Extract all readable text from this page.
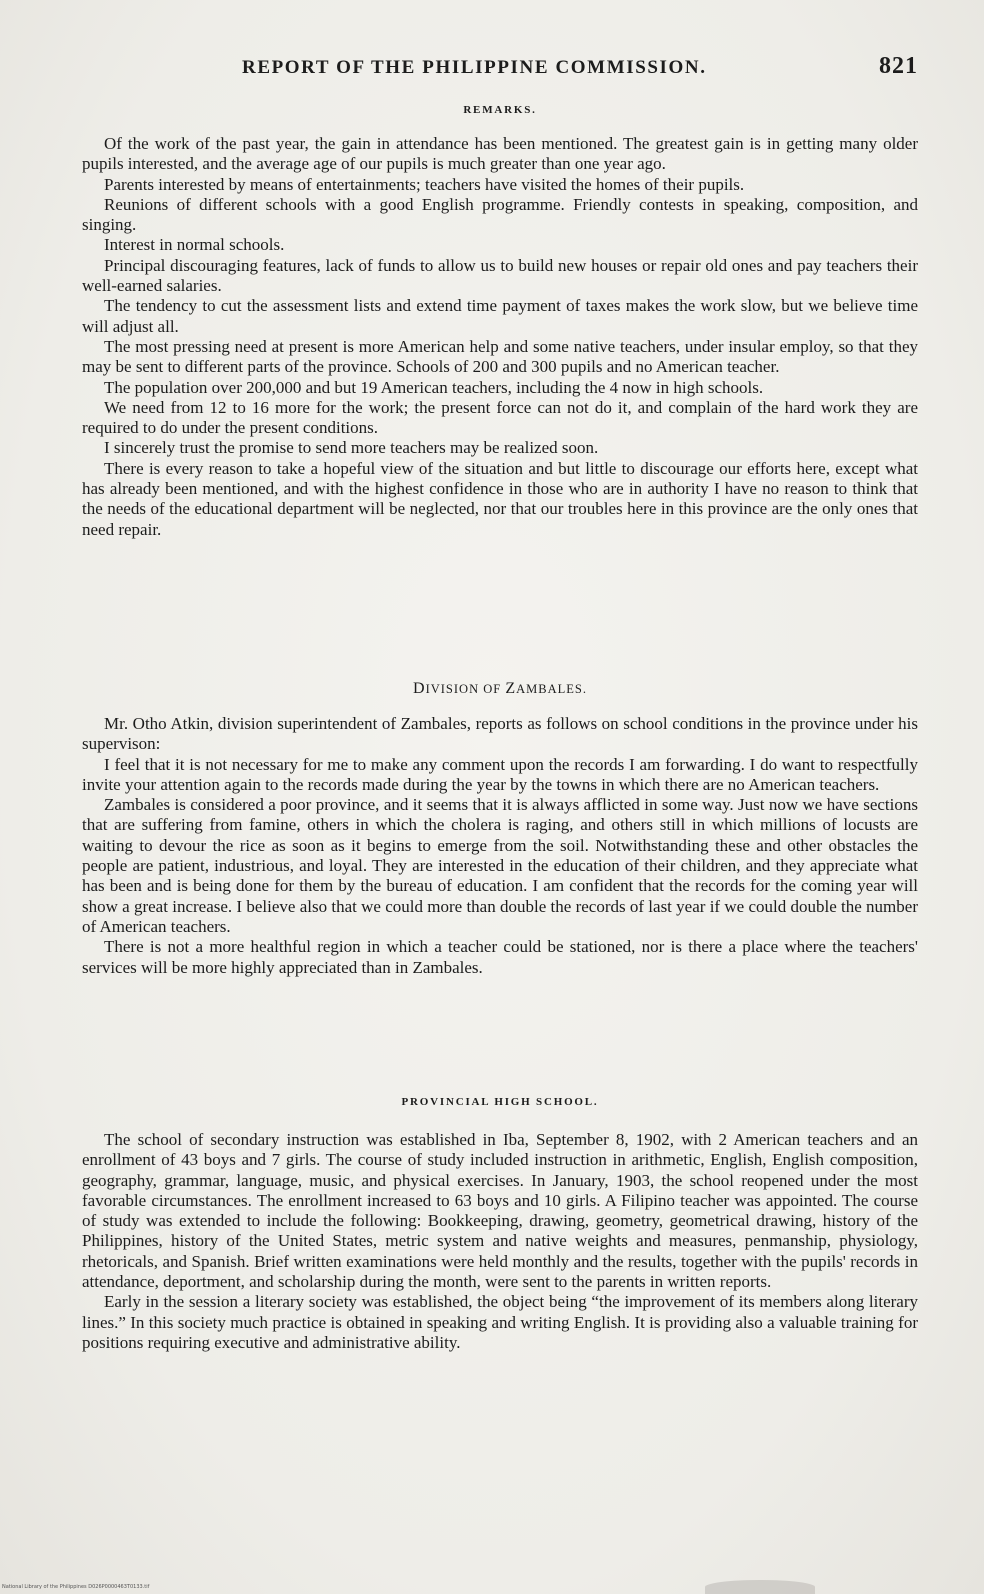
REPORT OF THE PHILIPPINE COMMISSION.	821
REMARKS.

Of the work of the past year, the gain in attendance has been mentioned. The greatest gain is in getting many older pupils interested, and the average age of our pupils is much greater than one year ago.

Parents interested by means of entertainments; teachers have visited the homes of their pupils.

Reunions of different schools with a good English programme. Friendly contests in speaking, composition, and singing.

Interest in normal schools.

Principal discouraging features, lack of funds to allow us to build new houses or repair old ones and pay teachers their well-earned salaries.

The tendency to cut the assessment lists and extend time payment of taxes makes the work slow, but we believe time will adjust all.

The most pressing need at present is more American help and some native teachers, under insular employ, so that they may be sent to different parts of the province. Schools of 200 and 300 pupils and no American teacher.

The population over 200,000 and but 19 American teachers, including the 4 now in high schools.

We need from 12 to 16 more for the work; the present force can not do it, and complain of the hard work they are required to do under the present conditions.

I sincerely trust the promise to send more teachers may be realized soon.

There is every reason to take a hopeful view of the situation and but little to discourage our efforts here, except what has already been mentioned, and with the highest confidence in those who are in authority I have no reason to think that the needs of the educational department will be neglected, nor that our troubles here in this province are the only ones that need repair.

DIVISION OF ZAMBALES.

Mr. Otho Atkin, division superintendent of Zambales, reports as follows on school conditions in the province under his supervison:

I feel that it is not necessary for me to make any comment upon the records I am forwarding. I do want to respectfully invite your attention again to the records made during the year by the towns in which there are no American teachers.

Zambales is considered a poor province, and it seems that it is always afflicted in some way. Just now we have sections that are suffering from famine, others in which the cholera is raging, and others still in which millions of locusts are waiting to devour the rice as soon as it begins to emerge from the soil. Notwithstanding these and other obstacles the people are patient, industrious, and loyal. They are interested in the education of their children, and they appreciate what has been and is being done for them by the bureau of education. I am confident that the records for the coming year will show a great increase. I believe also that we could more than double the records of last year if we could double the number of American teachers.

There is not a more healthful region in which a teacher could be stationed, nor is there a place where the teachers' services will be more highly appreciated than in Zambales.

PROVINCIAL HIGH SCHOOL.

The school of secondary instruction was established in Iba, September 8, 1902, with 2 American teachers and an enrollment of 43 boys and 7 girls. The course of study included instruction in arithmetic, English, English composition, geography, grammar, language, music, and physical exercises. In January, 1903, the school reopened under the most favorable circumstances. The enrollment increased to 63 boys and 10 girls. A Filipino teacher was appointed. The course of study was extended to include the following: Bookkeeping, drawing, geometry, geometrical drawing, history of the Philippines, history of the United States, metric system and native weights and measures, penmanship, physiology, rhetoricals, and Spanish. Brief written examinations were held monthly and the results, together with the pupils' records in attendance, deportment, and scholarship during the month, were sent to the parents in written reports.

Early in the session a literary society was established, the object being “the improvement of its members along literary lines.” In this society much practice is obtained in speaking and writing English. It is providing also a valuable training for positions requiring executive and administrative ability.

National Library of the Philippines D026P0000463T0133.tif
